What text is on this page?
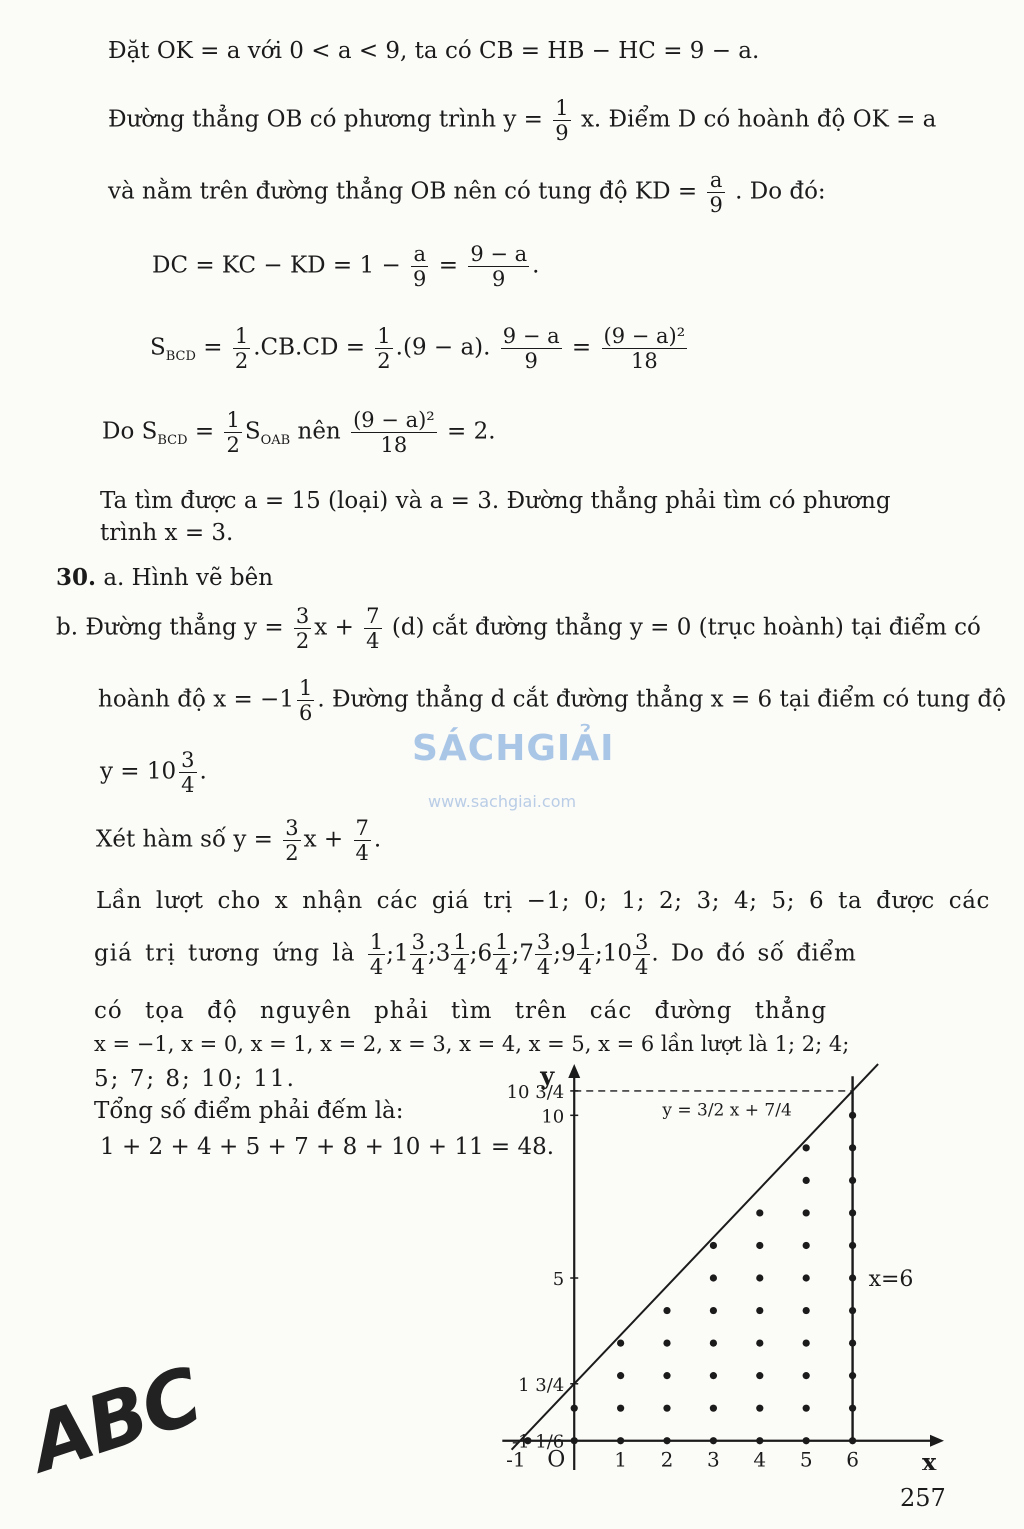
Đặt OK = a với 0 < a < 9, ta có CB = HB − HC = 9 − a.
Đường thẳng OB có phương trình $y = \frac{1}{9} x$. Điểm D có hoành độ OK = a
và nằm trên đường thẳng OB nên có tung độ KD = $\frac{a}{9}$ . Do đó:
DC = KC − KD = $1 - \frac{a}{9} = \frac{9 - a}{9}$ .
$S_{BCD} = \frac{1}{2} .CB.CD = \frac{1}{2} .(9 - a)$. $\frac{9 - a}{9} = \frac{\text{(9 − a)²}}{18}$
Do $S_{BCD} = \frac{1}{2} S_{OAB}$ nên $\frac{\text{(9 − a)²}}{18} = 2$.
Ta tìm được a = 15 (loại) và a = 3. Đường thẳng phải tìm có phương
trình x = 3.
30. a. Hình vẽ bên
b. Đường thẳng $y = \frac{3}{2}$ $x + \frac{7}{4} (d)$ cắt đường thẳng y = 0 (trục hoành) tại điểm có
hoành độ $x = -1 \frac{1}{6}$ . Đường thẳng d cắt đường thẳng x = 6 tại điểm có tung độ
$y = 10 \frac{3}{4}$ .
Xét hàm số $y = \frac{3}{2}$ $x + \frac{7}{4}$ .
Lần lượt cho x nhận các giá trị −1; 0; 1; 2; 3; 4; 5; 6 ta được các
giá trị tương ứng là $\frac{1}{4}$ ;1 $\frac{3}{4}$ ;3 $\frac{1}{4}$ ;6 $\frac{1}{4}$ ;7 $\frac{3}{4}$ ;9 $\frac{1}{4}$ ;10 $\frac{3}{4}$ . Do đó số điểm
có tọa độ nguyên phải tìm trên các đường thẳng
x = −1, x = 0, x = 1, x = 2, x = 3, x = 4, x = 5, x = 6 lần lượt là 1; 2; 4;
5; 7; 8; 10; 11.
Tổng số điểm phải đếm là:
1 + 2 + 4 + 5 + 7 + 8 + 10 + 11 = 48.
SÁCHGIẢI
www.sachgiai.com
ABC
257
-1	1 2 3 4 5 6
O	x
y
5
10
10 3/4
1 3/4
-1 1/6
y = 3/2 x + 7/4
x=6
